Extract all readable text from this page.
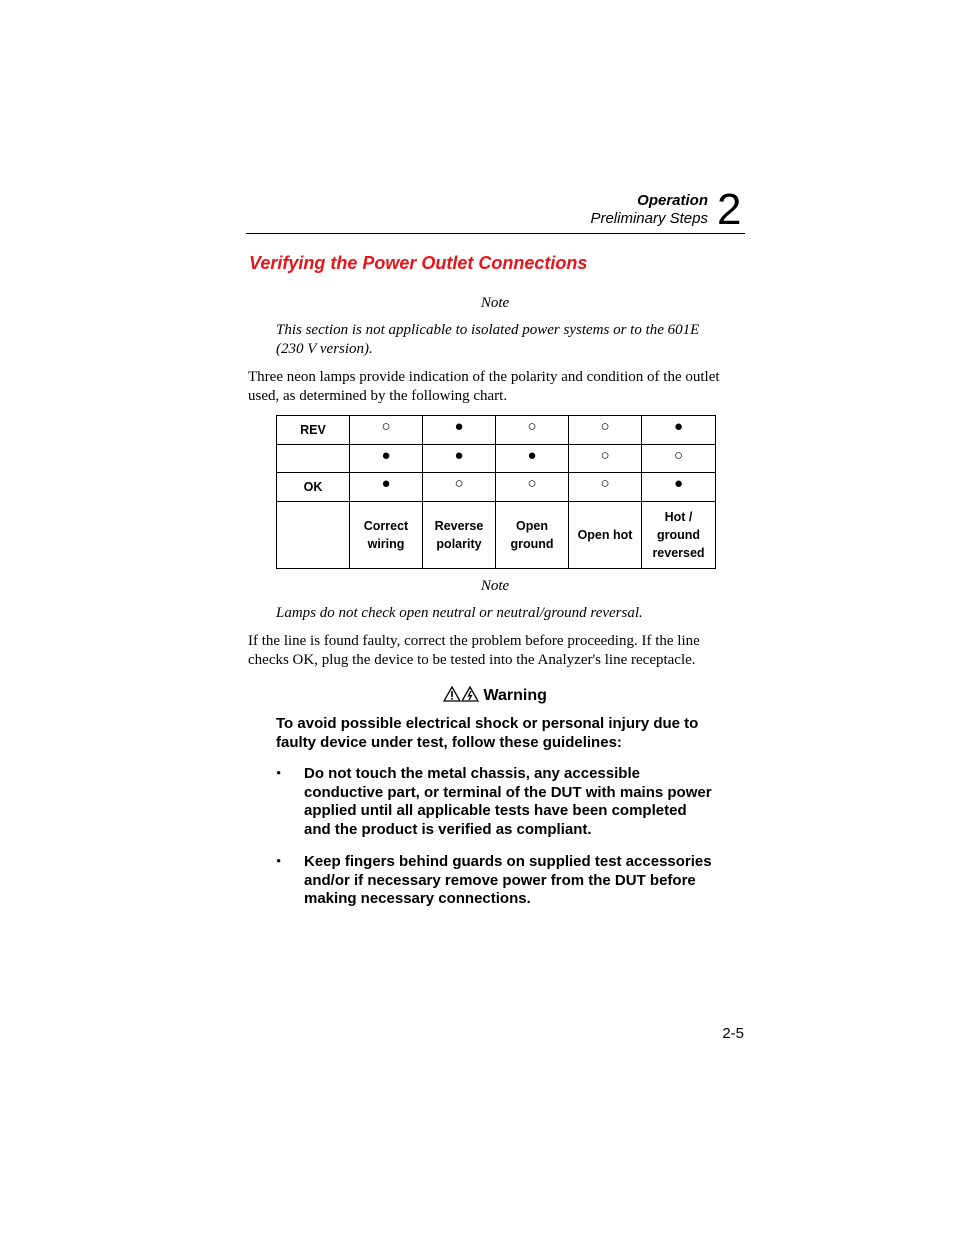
Operation
Preliminary Steps 2
Verifying the Power Outlet Connections
Note
This section is not applicable to isolated power systems or to the 601E (230 V version).
Three neon lamps provide indication of the polarity and condition of the outlet used, as determined by the following chart.
REV	○	●	○	○	●
	●	●	●	○	○
OK	●	○	○	○	●

	Correct wiring	Reverse polarity	Open ground	Open hot	Hot / ground reversed
Note
Lamps do not check open neutral or neutral/ground reversal.
If the line is found faulty, correct the problem before proceeding. If the line checks OK, plug the device to be tested into the Analyzer's line receptacle.
Warning
To avoid possible electrical shock or personal injury due to faulty device under test, follow these guidelines:
• Do not touch the metal chassis, any accessible conductive part, or terminal of the DUT with mains power applied until all applicable tests have been completed and the product is verified as compliant.
• Keep fingers behind guards on supplied test accessories and/or if necessary remove power from the DUT before making necessary connections.
2-5
